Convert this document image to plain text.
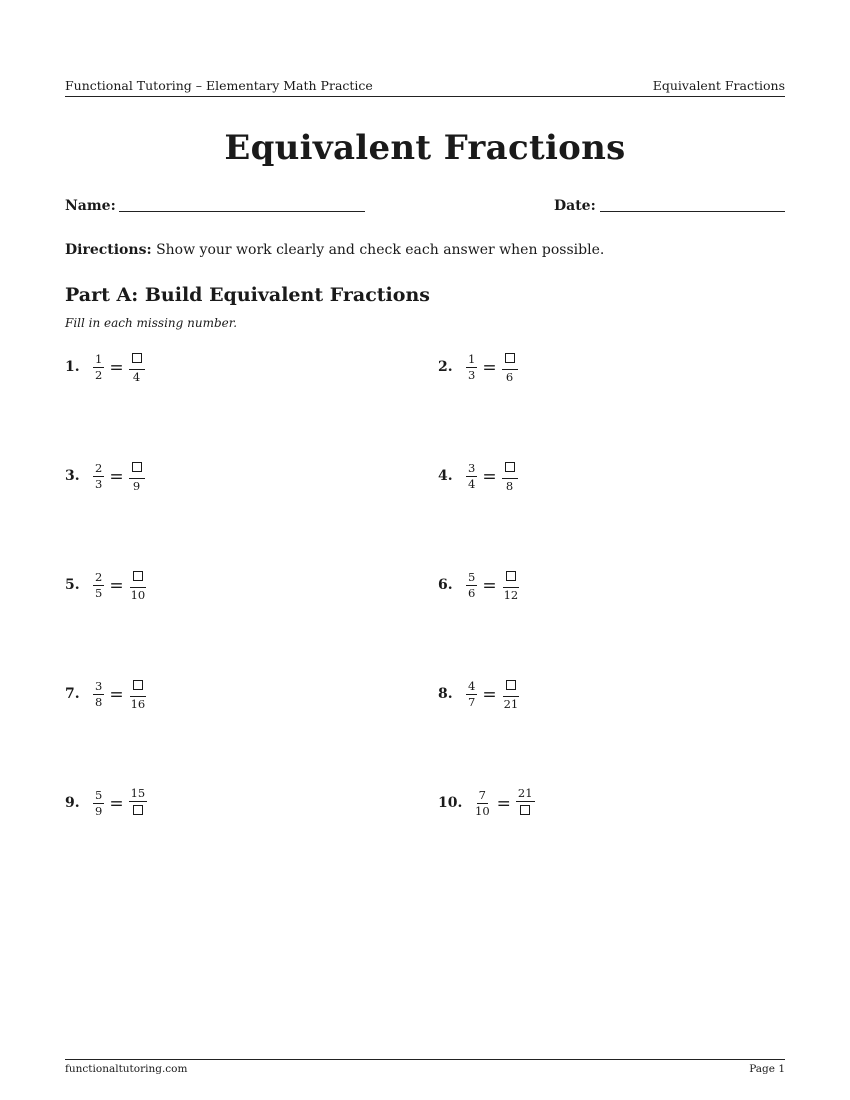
Functional Tutoring – Elementary Math Practice	Equivalent Fractions
Equivalent Fractions
Name:	Date:
Directions: Show your work clearly and check each answer when possible.
Part A: Build Equivalent Fractions
Fill in each missing number.
1. $\frac{1}{2} = 4$
2. $\frac{1}{3} = 6$
3. $\frac{2}{3} = 9$
4. $\frac{3}{4} = 8$
5. $\frac{2}{5} = 10$
6. $\frac{5}{6} = 12$
7. $\frac{3}{8} = 16$
8. $\frac{4}{7} = 21$
9. $\frac{5}{9}$ =
15
10. $\frac{7}{10}$ =
21
functionaltutoring.com	Page 1
